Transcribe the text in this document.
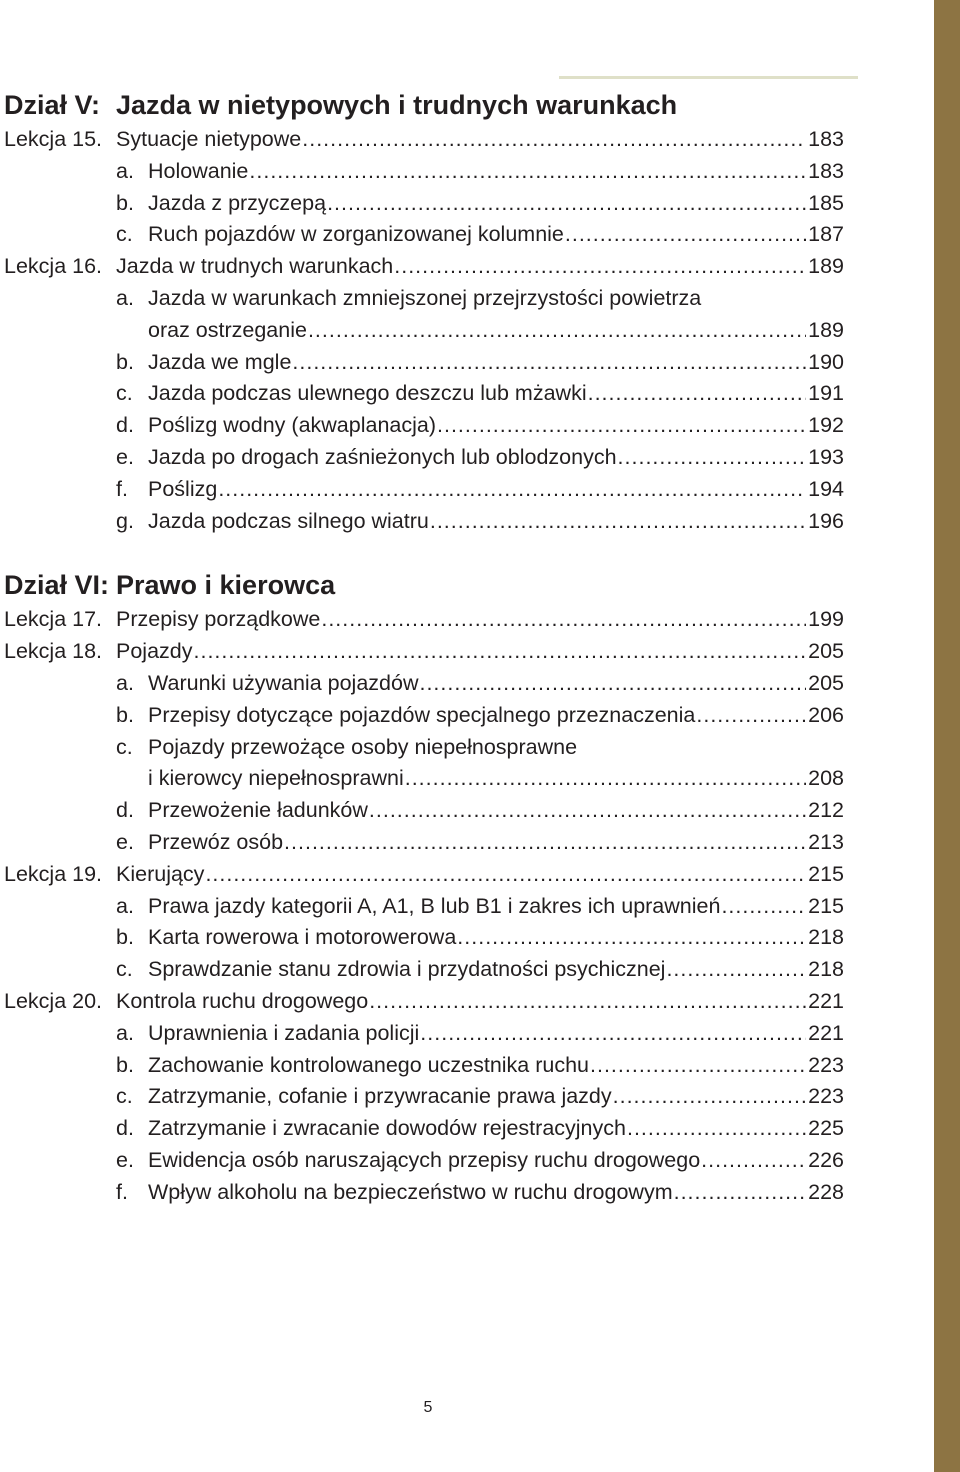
Dział V: Jazda w nietypowych i trudnych warunkach
Lekcja 15. Sytuacje nietypowe .....	183
a. Holowanie .....	183
b. Jazda z przyczepą .....	185
c. Ruch pojazdów w zorganizowanej kolumnie .....	187
Lekcja 16. Jazda w trudnych warunkach .....	189
a. Jazda w warunkach zmniejszonej przejrzystości powietrza
oraz ostrzeganie .....	189
b. Jazda we mgle .....	190
c. Jazda podczas ulewnego deszczu lub mżawki .....	191
d. Poślizg wodny (akwaplanacja) .....	192
e. Jazda po drogach zaśnieżonych lub oblodzonych .....	193
f. Poślizg .....	194
g. Jazda podczas silnego wiatru .....	196
Dział VI: Prawo i kierowca
Lekcja 17. Przepisy porządkowe .....	199
Lekcja 18. Pojazdy .....	205
a. Warunki używania pojazdów .....	205
b. Przepisy dotyczące pojazdów specjalnego przeznaczenia .....	206
c. Pojazdy przewożące osoby niepełnosprawne
i kierowcy niepełnosprawni .....	208
d. Przewożenie ładunków .....	212
e. Przewóz osób .....	213
Lekcja 19. Kierujący .....	215
a. Prawa jazdy kategorii A, A1, B lub B1 i zakres ich uprawnień .....	215
b. Karta rowerowa i motorowerowa .....	218
c. Sprawdzanie stanu zdrowia i przydatności psychicznej .....	218
Lekcja 20. Kontrola ruchu drogowego .....	221
a. Uprawnienia i zadania policji .....	221
b. Zachowanie kontrolowanego uczestnika ruchu .....	223
c. Zatrzymanie, cofanie i przywracanie prawa jazdy .....	223
d. Zatrzymanie i zwracanie dowodów rejestracyjnych .....	225
e. Ewidencja osób naruszających przepisy ruchu drogowego .....	226
f. Wpływ alkoholu na bezpieczeństwo w ruchu drogowym .....	228
5
